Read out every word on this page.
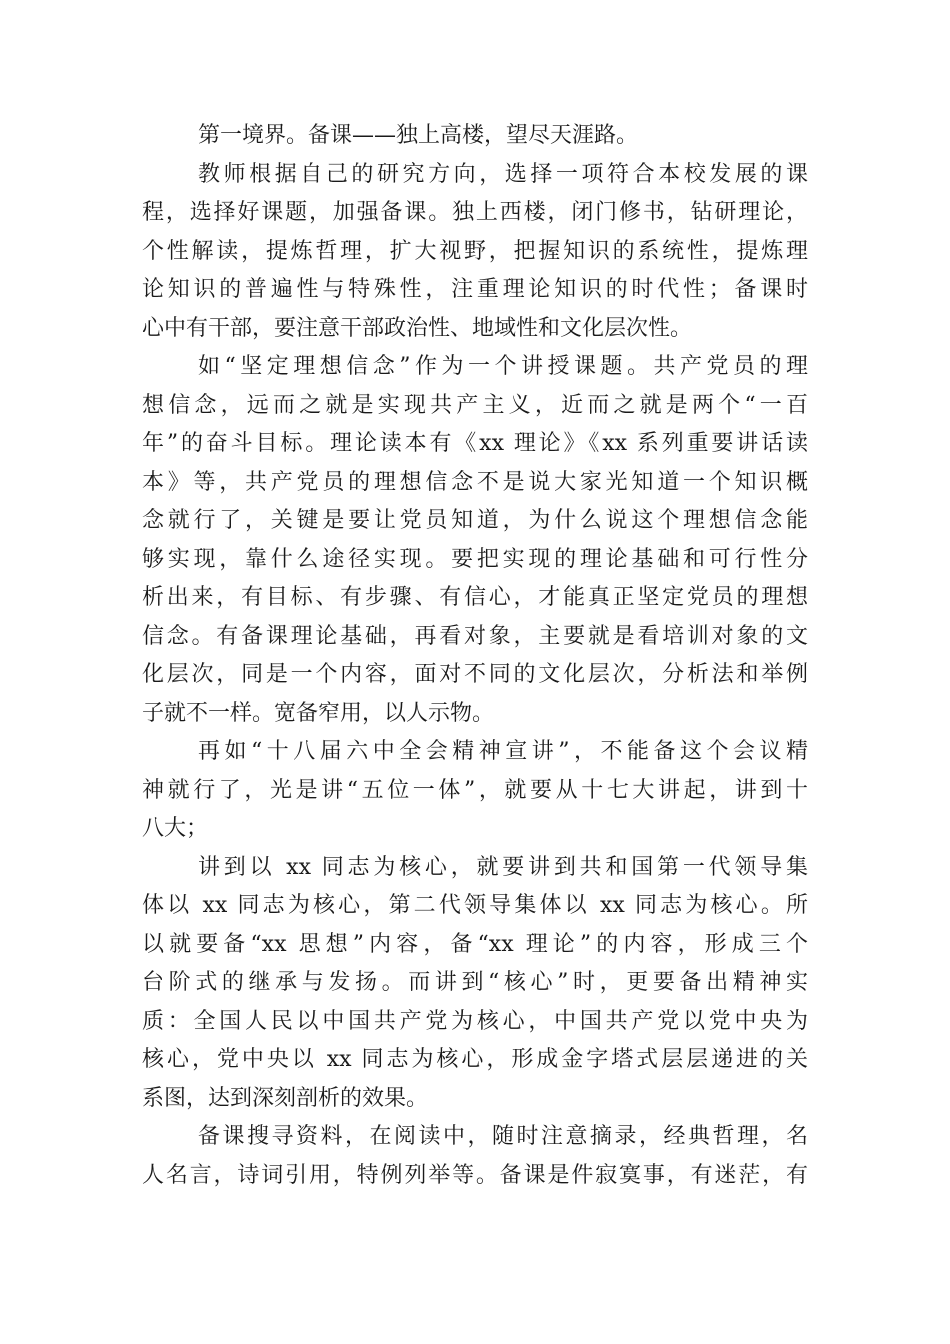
第一境界。备课——独上高楼，望尽天涯路。
教师根据自己的研究方向，选择一项符合本校发展的课
程，选择好课题，加强备课。独上西楼，闭门修书，钻研理论，
个性解读，提炼哲理，扩大视野，把握知识的系统性，提炼理
论知识的普遍性与特殊性，注重理论知识的时代性；备课时
心中有干部，要注意干部政治性、地域性和文化层次性。
如“坚定理想信念”作为一个讲授课题。共产党员的理
想信念，远而之就是实现共产主义，近而之就是两个“一百
年”的奋斗目标。理论读本有《xx 理论》《xx 系列重要讲话读
本》等，共产党员的理想信念不是说大家光知道一个知识概
念就行了，关键是要让党员知道，为什么说这个理想信念能
够实现，靠什么途径实现。要把实现的理论基础和可行性分
析出来，有目标、有步骤、有信心，才能真正坚定党员的理想
信念。有备课理论基础，再看对象，主要就是看培训对象的文
化层次，同是一个内容，面对不同的文化层次，分析法和举例
子就不一样。宽备窄用，以人示物。
再如“十八届六中全会精神宣讲”，不能备这个会议精
神就行了，光是讲“五位一体”，就要从十七大讲起，讲到十
八大；
讲到以 xx 同志为核心，就要讲到共和国第一代领导集
体以 xx 同志为核心，第二代领导集体以 xx 同志为核心。所
以就要备“xx 思想”内容，备“xx 理论”的内容，形成三个
台阶式的继承与发扬。而讲到“核心”时，更要备出精神实
质：全国人民以中国共产党为核心，中国共产党以党中央为
核心，党中央以 xx 同志为核心，形成金字塔式层层递进的关
系图，达到深刻剖析的效果。
备课搜寻资料，在阅读中，随时注意摘录，经典哲理，名
人名言，诗词引用，特例列举等。备课是件寂寞事，有迷茫，有
